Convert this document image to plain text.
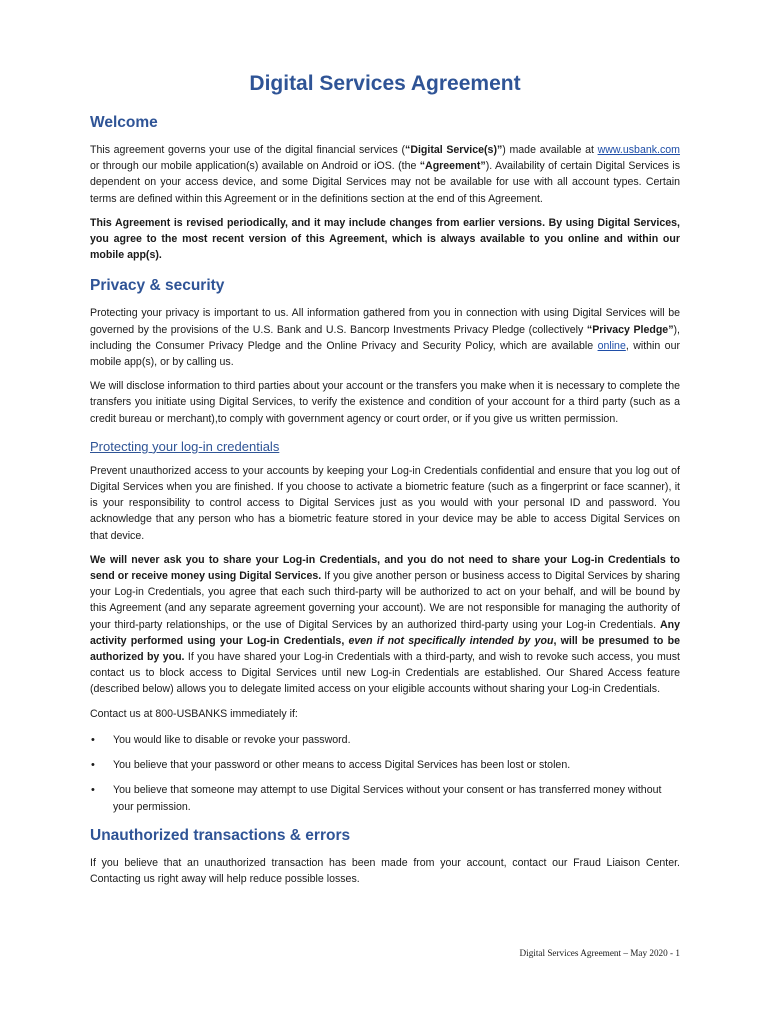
Digital Services Agreement
Welcome

This agreement governs your use of the digital financial services (“Digital Service(s)”) made available at www.usbank.com or through our mobile application(s) available on Android or iOS. (the “Agreement”). Availability of certain Digital Services is dependent on your access device, and some Digital Services may not be available for use with all account types. Certain terms are defined within this Agreement or in the definitions section at the end of this Agreement.

This Agreement is revised periodically, and it may include changes from earlier versions. By using Digital Services, you agree to the most recent version of this Agreement, which is always available to you online and within our mobile app(s).

Privacy & security

Protecting your privacy is important to us. All information gathered from you in connection with using Digital Services will be governed by the provisions of the U.S. Bank and U.S. Bancorp Investments Privacy Pledge (collectively “Privacy Pledge”), including the Consumer Privacy Pledge and the Online Privacy and Security Policy, which are available online, within our mobile app(s), or by calling us.

We will disclose information to third parties about your account or the transfers you make when it is necessary to complete the transfers you initiate using Digital Services, to verify the existence and condition of your account for a third party (such as a credit bureau or merchant),to comply with government agency or court order, or if you give us written permission.

Protecting your log-in credentials

Prevent unauthorized access to your accounts by keeping your Log-in Credentials confidential and ensure that you log out of Digital Services when you are finished. If you choose to activate a biometric feature (such as a fingerprint or face scanner), it is your responsibility to control access to Digital Services just as you would with your personal ID and password. You acknowledge that any person who has a biometric feature stored in your device may be able to access Digital Services on that device.

We will never ask you to share your Log-in Credentials, and you do not need to share your Log-in Credentials to send or receive money using Digital Services. If you give another person or business access to Digital Services by sharing your Log-in Credentials, you agree that each such third-party will be authorized to act on your behalf, and will be bound by this Agreement (and any separate agreement governing your account). We are not responsible for managing the authority of your third-party relationships, or the use of Digital Services by an authorized third-party using your Log-in Credentials. Any activity performed using your Log-in Credentials, even if not specifically intended by you, will be presumed to be authorized by you. If you have shared your Log-in Credentials with a third-party, and wish to revoke such access, you must contact us to block access to Digital Services until new Log-in Credentials are established. Our Shared Access feature (described below) allows you to delegate limited access on your eligible accounts without sharing your Log-in Credentials.

Contact us at 800-USBANKS immediately if:

• You would like to disable or revoke your password.
• You believe that your password or other means to access Digital Services has been lost or stolen.
• You believe that someone may attempt to use Digital Services without your consent or has transferred money without your permission.
Unauthorized transactions & errors

If you believe that an unauthorized transaction has been made from your account, contact our Fraud Liaison Center. Contacting us right away will help reduce possible losses.

Digital Services Agreement – May 2020 - 1
